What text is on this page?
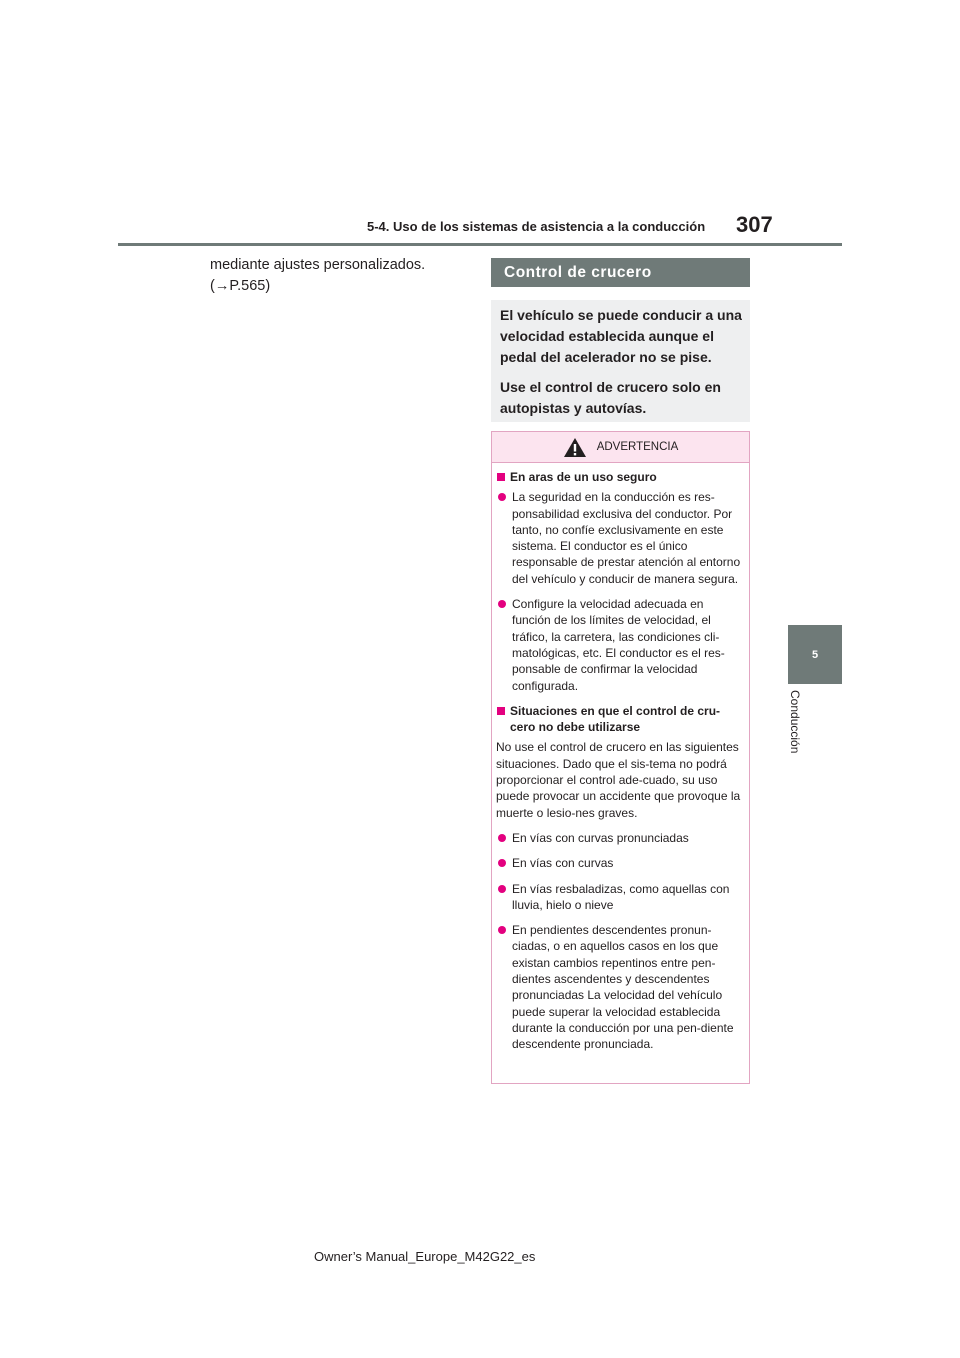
5-4. Uso de los sistemas de asistencia a la conducción 307
5
Conducción
mediante ajustes personalizados.
(→P.565)
Control de crucero

El vehículo se puede conducir a una velocidad establecida aunque el pedal del acelerador no se pise.

Use el control de crucero solo en autopistas y autovías.

ADVERTENCIA
En aras de un uso seguro
La seguridad en la conducción es res-ponsabilidad exclusiva del conductor. Por tanto, no confíe exclusivamente en este sistema. El conductor es el único responsable de prestar atención al entorno del vehículo y conducir de manera segura.
Configure la velocidad adecuada en función de los límites de velocidad, el tráfico, la carretera, las condiciones cli-matológicas, etc. El conductor es el res-ponsable de confirmar la velocidad configurada.
Situaciones en que el control de cru-cero no debe utilizarse

No use el control de crucero en las siguientes situaciones. Dado que el sis-tema no podrá proporcionar el control ade-cuado, su uso puede provocar un accidente que provoque la muerte o lesio-nes graves.

En vías con curvas pronunciadas
En vías con curvas
En vías resbaladizas, como aquellas con lluvia, hielo o nieve
En pendientes descendentes pronun-ciadas, o en aquellos casos en los que existan cambios repentinos entre pen-dientes ascendentes y descendentes pronunciadas La velocidad del vehículo puede superar la velocidad establecida durante la conducción por una pen-diente descendente pronunciada.
Owner’s Manual_Europe_M42G22_es
